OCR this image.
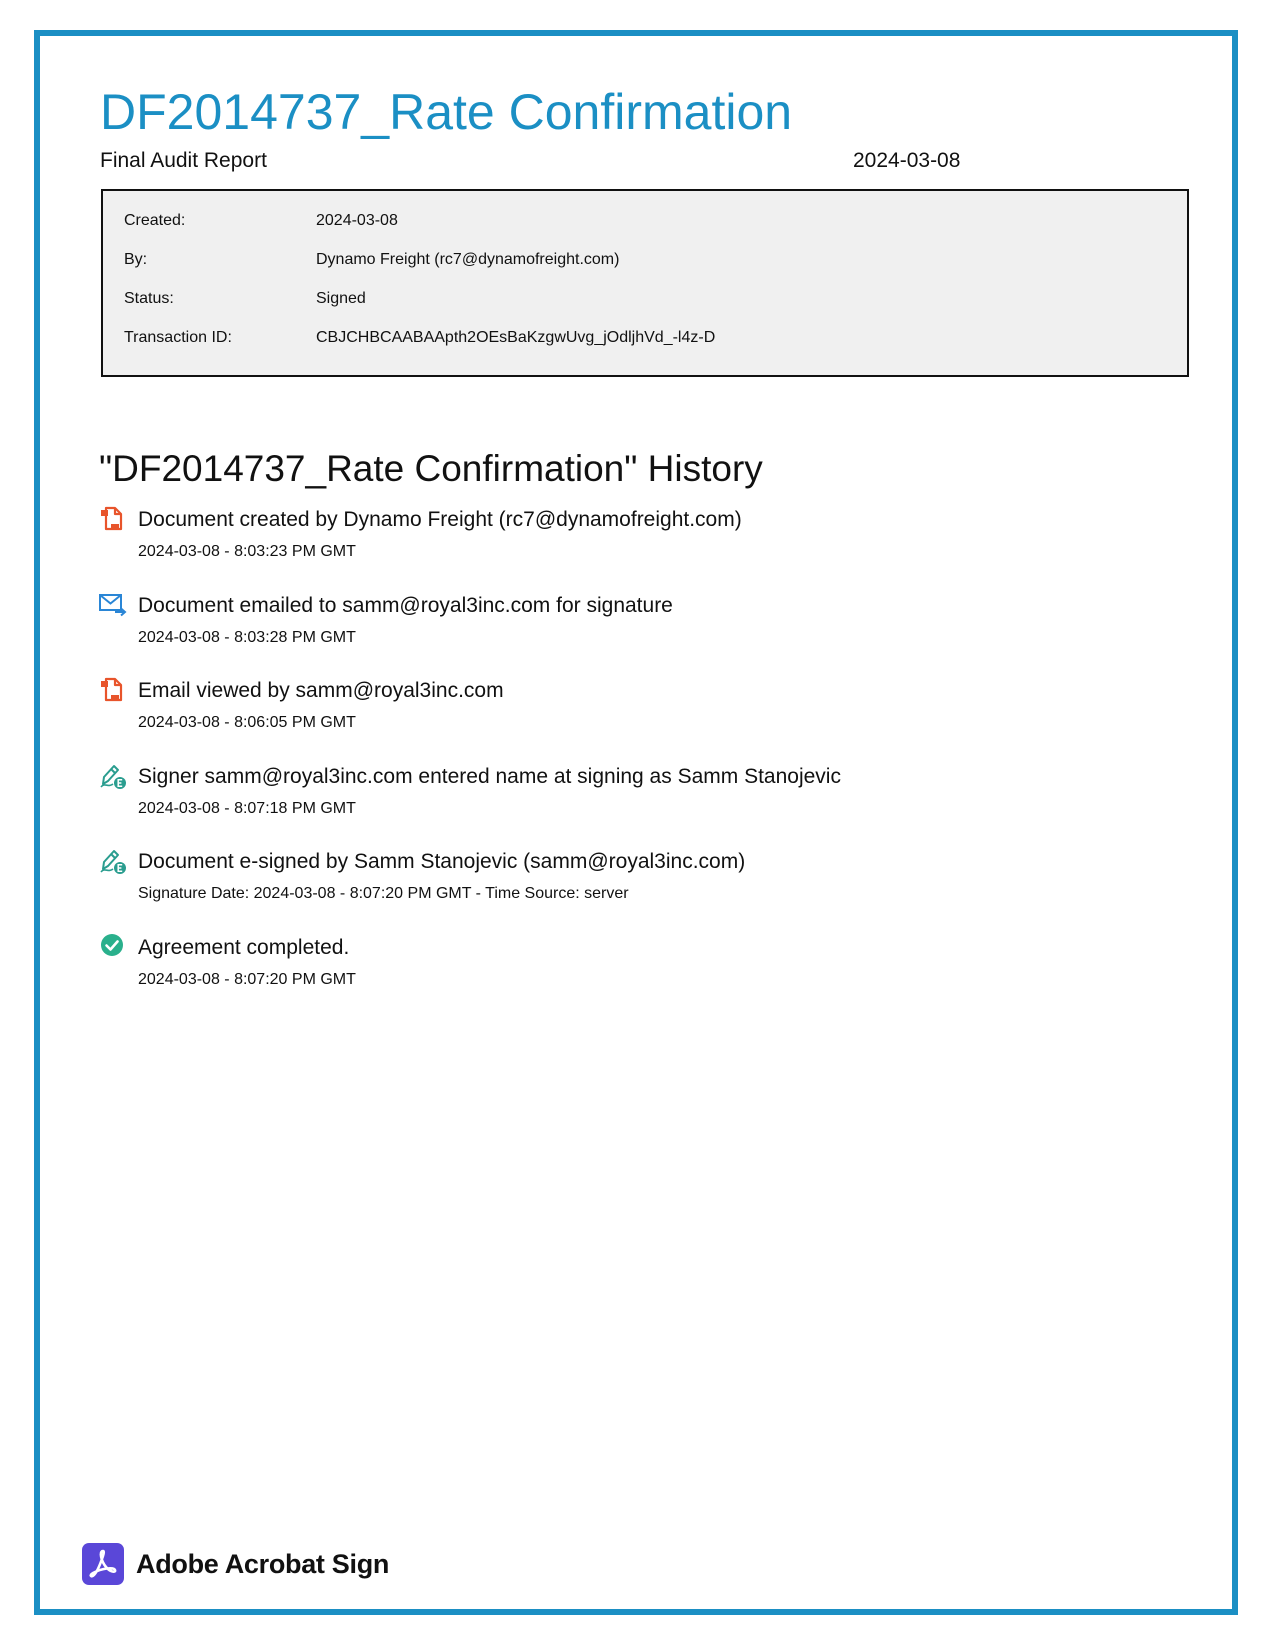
DF2014737_Rate Confirmation
Final Audit Report	2024-03-08
Created:	2024-03-08
By:	Dynamo Freight (rc7@dynamofreight.com)
Status:	Signed
Transaction ID:	CBJCHBCAABAApth2OEsBaKzgwUvg_jOdljhVd_-l4z-D
"DF2014737_Rate Confirmation" History
Document created by Dynamo Freight (rc7@dynamofreight.com)
2024-03-08 - 8:03:23 PM GMT
Document emailed to samm@royal3inc.com for signature
2024-03-08 - 8:03:28 PM GMT
Email viewed by samm@royal3inc.com
2024-03-08 - 8:06:05 PM GMT
Signer samm@royal3inc.com entered name at signing as Samm Stanojevic
2024-03-08 - 8:07:18 PM GMT
Document e-signed by Samm Stanojevic (samm@royal3inc.com)
Signature Date: 2024-03-08 - 8:07:20 PM GMT - Time Source: server
Agreement completed.
2024-03-08 - 8:07:20 PM GMT
Adobe Acrobat Sign
